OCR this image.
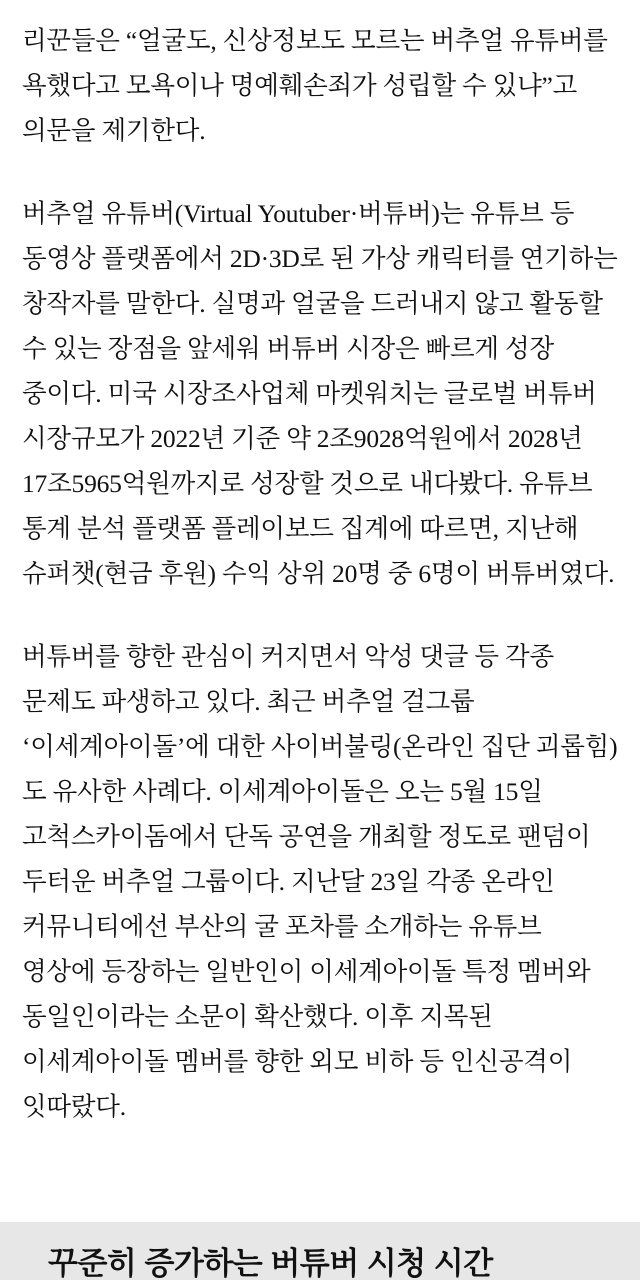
리꾼들은 “얼굴도, 신상정보도 모르는 버추얼 유튜버를 욕했다고 모욕이나 명예훼손죄가 성립할 수 있냐”고 의문을 제기한다.

버추얼 유튜버(Virtual Youtuber·버튜버)는 유튜브 등 동영상 플랫폼에서 2D·3D로 된 가상 캐릭터를 연기하는 창작자를 말한다. 실명과 얼굴을 드러내지 않고 활동할 수 있는 장점을 앞세워 버튜버 시장은 빠르게 성장 중이다. 미국 시장조사업체 마켓워치는 글로벌 버튜버 시장규모가 2022년 기준 약 2조9028억원에서 2028년 17조5965억원까지로 성장할 것으로 내다봤다. 유튜브 통계 분석 플랫폼 플레이보드 집계에 따르면, 지난해 슈퍼챗(현금 후원) 수익 상위 20명 중 6명이 버튜버였다.

버튜버를 향한 관심이 커지면서 악성 댓글 등 각종 문제도 파생하고 있다. 최근 버추얼 걸그룹 ‘이세계아이돌’에 대한 사이버불링(온라인 집단 괴롭힘)도 유사한 사례다. 이세계아이돌은 오는 5월 15일 고척스카이돔에서 단독 공연을 개최할 정도로 팬덤이 두터운 버추얼 그룹이다. 지난달 23일 각종 온라인 커뮤니티에선 부산의 굴 포차를 소개하는 유튜브 영상에 등장하는 일반인이 이세계아이돌 특정 멤버와 동일인이라는 소문이 확산했다. 이후 지목된 이세계아이돌 멤버를 향한 외모 비하 등 인신공격이 잇따랐다.

꾸준히 증가하는 버튜버 시청 시간
